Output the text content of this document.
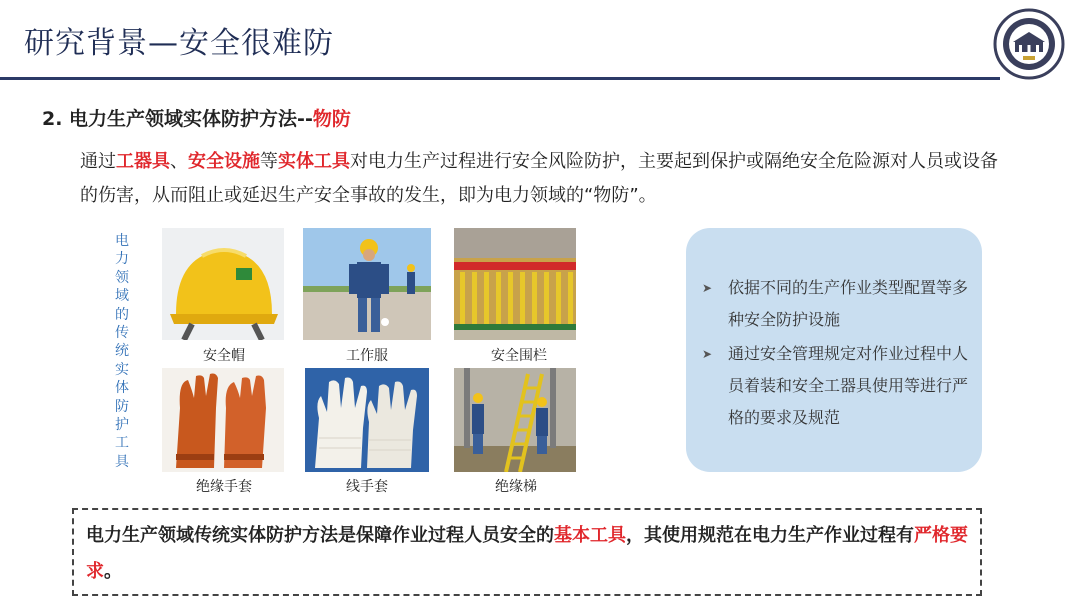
研究背景—安全很难防
2. 电力生产领域实体防护方法--物防
通过工器具、安全设施等实体工具对电力生产过程进行安全风险防护，主要起到保护或隔绝安全危险源对人员或设备的伤害，从而阻止或延迟生产安全事故的发生，即为电力领域的“物防”。
电力领域的传统实体防护工具
安全帽	工作服	安全围栏
绝缘手套	线手套	绝缘梯
➤ 依据不同的生产作业类型配置等多种安全防护设施
➤ 通过安全管理规定对作业过程中人员着装和安全工器具使用等进行严格的要求及规范
电力生产领域传统实体防护方法是保障作业过程人员安全的基本工具，其使用规范在电力生产作业过程有严格要求。
